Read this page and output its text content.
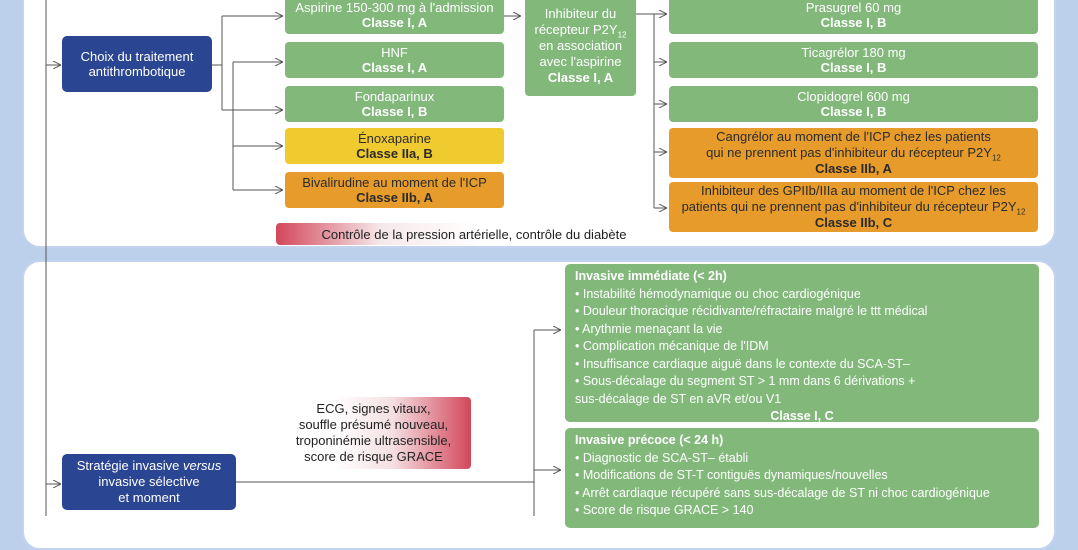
Choix du traitement antithrombotique
Aspirine 150-300 mg à l'admission
Classe I, A
HNF
Classe I, A
Fondaparinux
Classe I, B
Énoxaparine
Classe IIa, B
Bivalirudine au moment de l'ICP
Classe IIb, A
Inhibiteur du
récepteur $P2Y_{12}$
en association
avec l'aspirine
Classe I, A
Prasugrel 60 mg
Classe I, B
Ticagrélor 180 mg
Classe I, B
Clopidogrel 600 mg
Classe I, B
Cangrélor au moment de l'ICP chez les patients
qui ne prennent pas d'inhibiteur du récepteur $P2Y_{12}$
Classe IIb, A
Inhibiteur des GPIIb/IIIa au moment de l'ICP chez les
patients qui ne prennent pas d'inhibiteur du récepteur $P2Y_{12}$
Classe IIb, C
Contrôle de la pression artérielle, contrôle du diabète
ECG, signes vitaux,
souffle présumé nouveau,
troponinémie ultrasensible,
score de risque GRACE
Stratégie invasive versus
invasive sélective
et moment
Invasive immédiate (< 2h)
• Instabilité hémodynamique ou choc cardiogénique
• Douleur thoracique récidivante/réfractaire malgré le ttt médical
• Arythmie menaçant la vie
• Complication mécanique de l'IDM
• Insuffisance cardiaque aiguë dans le contexte du SCA-ST–
• Sous-décalage du segment ST > 1 mm dans 6 dérivations +
sus-décalage de ST en aVR et/ou V1
Classe I, C
Invasive précoce (< 24 h)
• Diagnostic de SCA-ST– établi
• Modifications de ST-T contiguës dynamiques/nouvelles
• Arrêt cardiaque récupéré sans sus-décalage de ST ni choc cardiogénique
• Score de risque GRACE > 140
